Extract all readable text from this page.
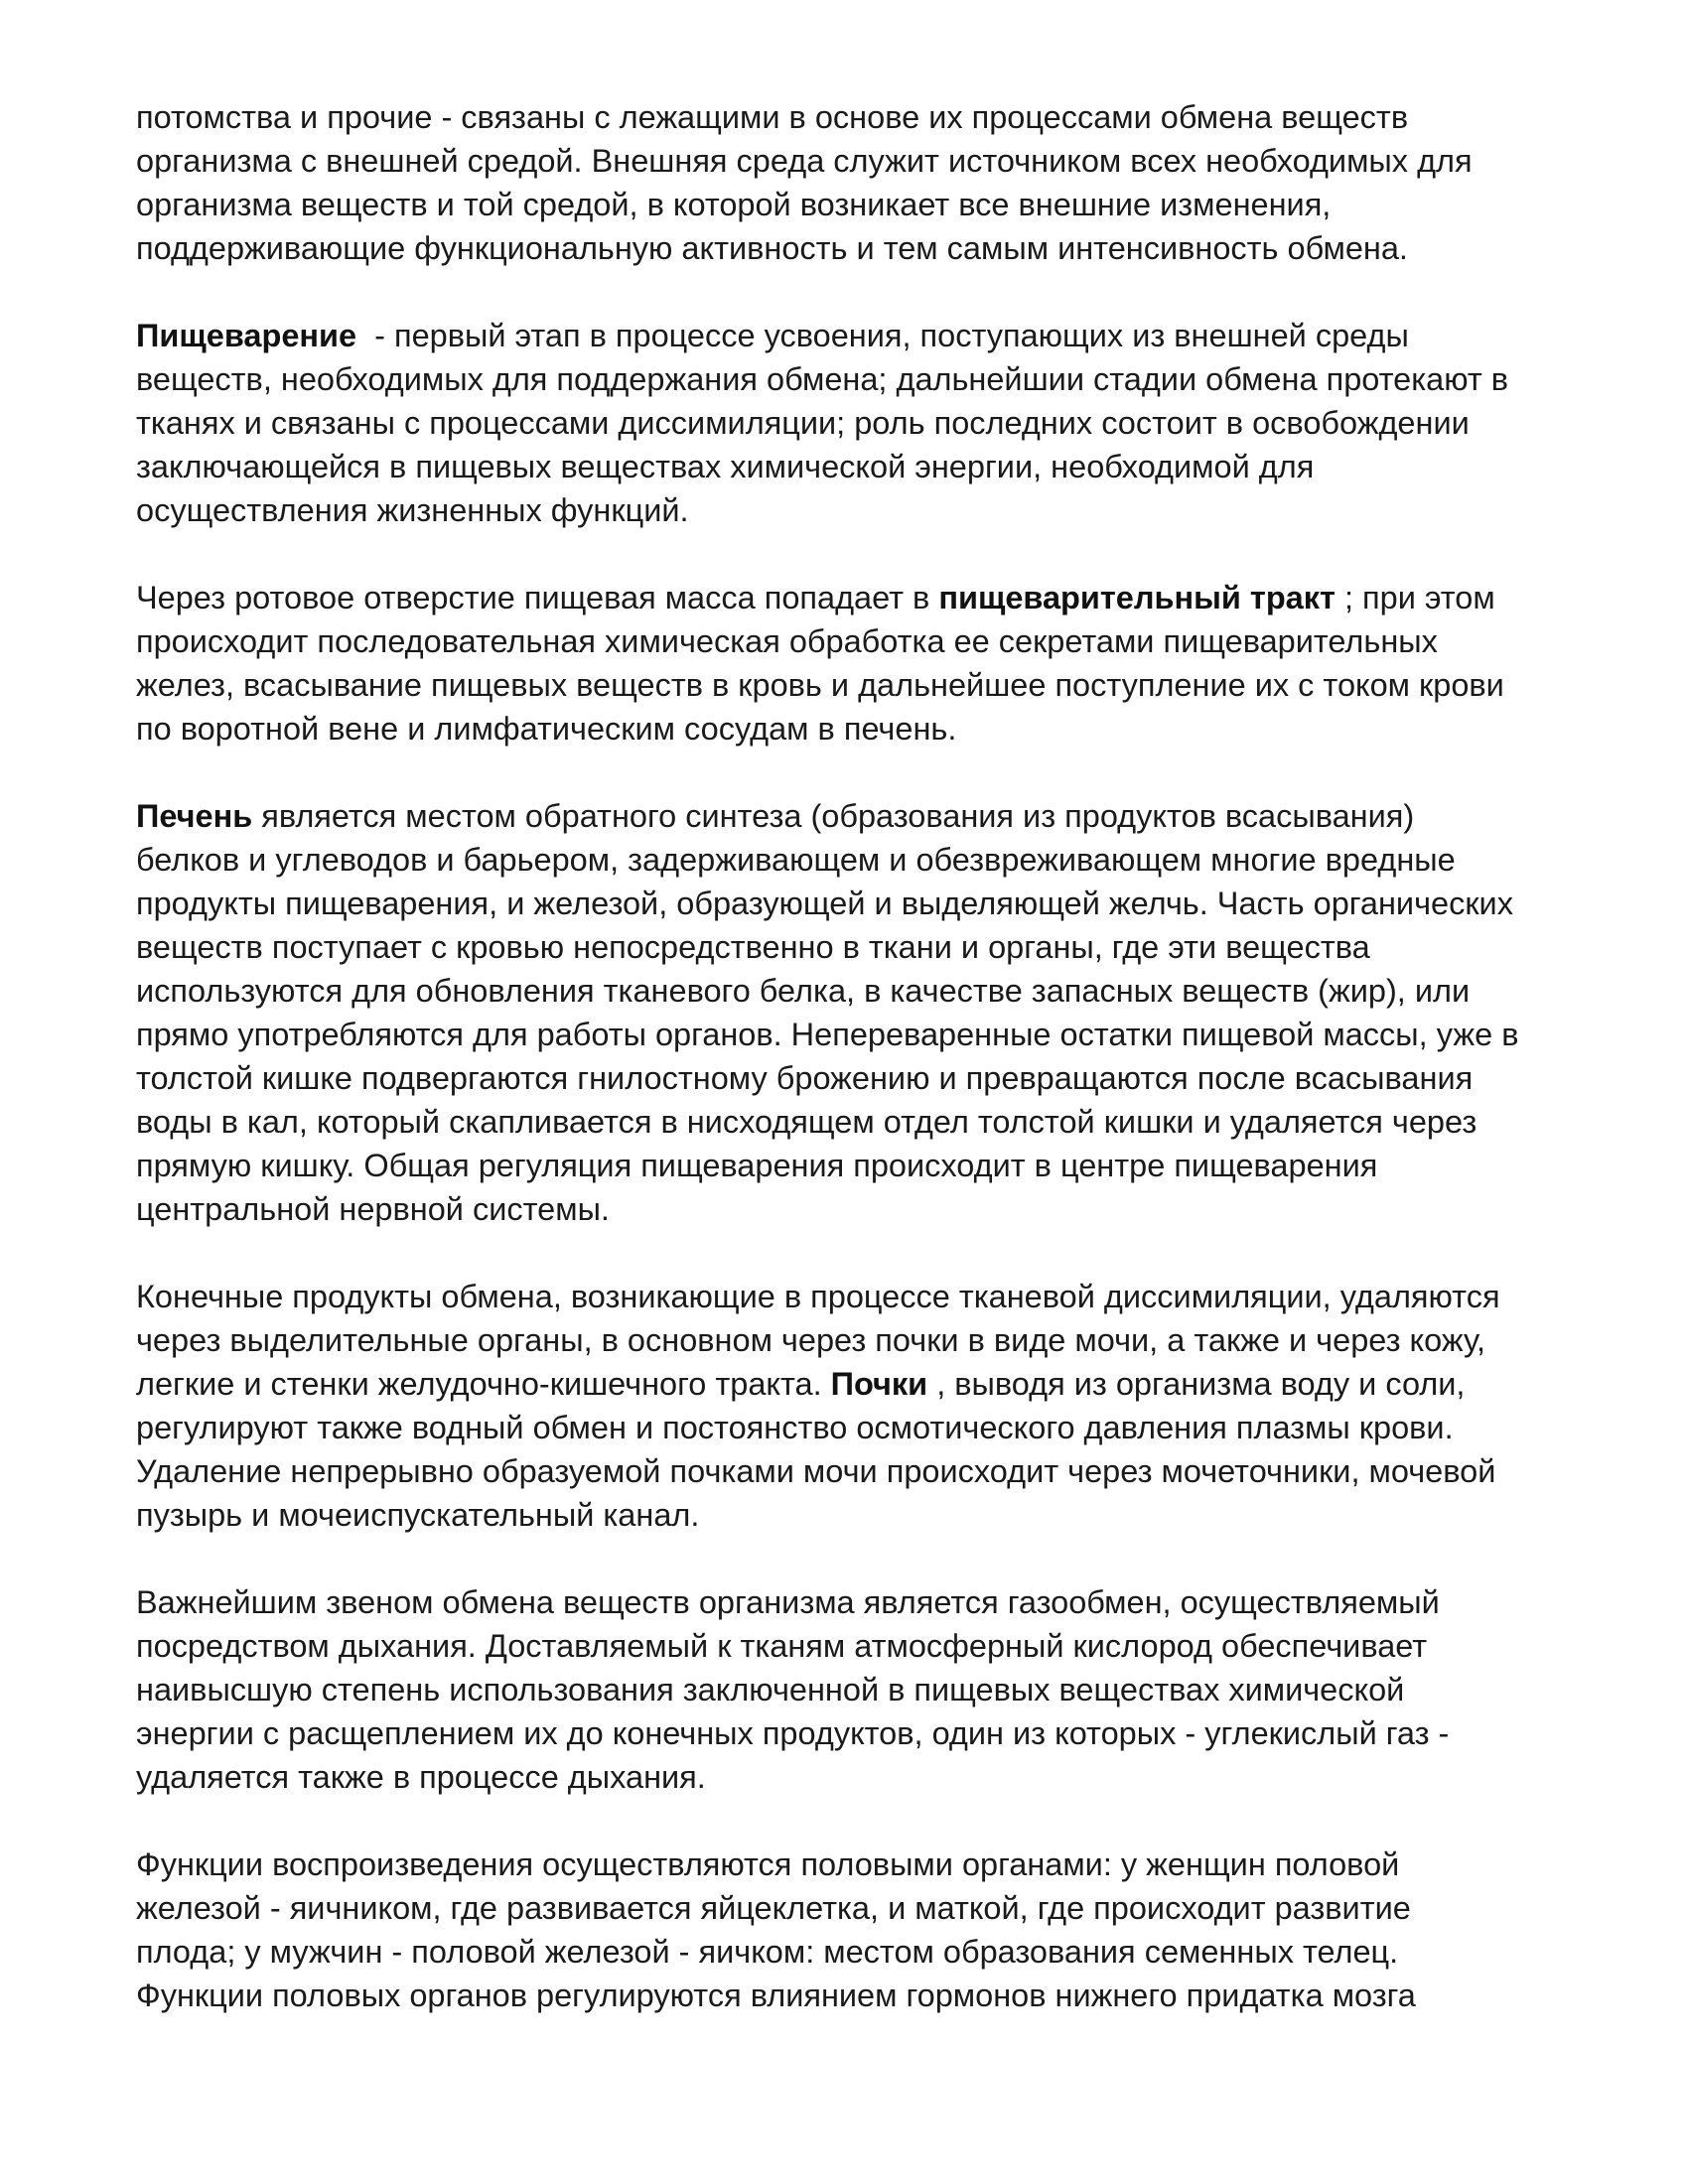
потомства и прочие - связаны с лежащими в основе их процессами обмена веществ
организма с внешней средой. Внешняя среда служит источником всех необходимых для
организма веществ и той средой, в которой возникает все внешние изменения,
поддерживающие функциональную активность и тем самым интенсивность обмена.
Пищеварение  - первый этап в процессе усвоения, поступающих из внешней среды
веществ, необходимых для поддержания обмена; дальнейшии стадии обмена протекают в
тканях и связаны с процессами диссимиляции; роль последних состоит в освобождении
заключающейся в пищевых веществах химической энергии, необходимой для
осуществления жизненных функций.
Через ротовое отверстие пищевая масса попадает в пищеварительный тракт ; при этом
происходит последовательная химическая обработка ее секретами пищеварительных
желез, всасывание пищевых веществ в кровь и дальнейшее поступление их с током крови
по воротной вене и лимфатическим сосудам в печень.
Печень является местом обратного синтеза (образования из продуктов всасывания)
белков и углеводов и барьером, задерживающем и обезвреживающем многие вредные
продукты пищеварения, и железой, образующей и выделяющей желчь. Часть органических
веществ поступает с кровью непосредственно в ткани и органы, где эти вещества
используются для обновления тканевого белка, в качестве запасных веществ (жир), или
прямо употребляются для работы органов. Непереваренные остатки пищевой массы, уже в
толстой кишке подвергаются гнилостному брожению и превращаются после всасывания
воды в кал, который скапливается в нисходящем отдел толстой кишки и удаляется через
прямую кишку. Общая регуляция пищеварения происходит в центре пищеварения
центральной нервной системы.
Конечные продукты обмена, возникающие в процессе тканевой диссимиляции, удаляются
через выделительные органы, в основном через почки в виде мочи, а также и через кожу,
легкие и стенки желудочно-кишечного тракта. Почки , выводя из организма воду и соли,
регулируют также водный обмен и постоянство осмотического давления плазмы крови.
Удаление непрерывно образуемой почками мочи происходит через мочеточники, мочевой
пузырь и мочеиспускательный канал.
Важнейшим звеном обмена веществ организма является газообмен, осуществляемый
посредством дыхания. Доставляемый к тканям атмосферный кислород обеспечивает
наивысшую степень использования заключенной в пищевых веществах химической
энергии с расщеплением их до конечных продуктов, один из которых - углекислый газ -
удаляется также в процессе дыхания.
Функции воспроизведения осуществляются половыми органами: у женщин половой
железой - яичником, где развивается яйцеклетка, и маткой, где происходит развитие
плода; у мужчин - половой железой - яичком: местом образования семенных телец.
Функции половых органов регулируются влиянием гормонов нижнего придатка мозга
